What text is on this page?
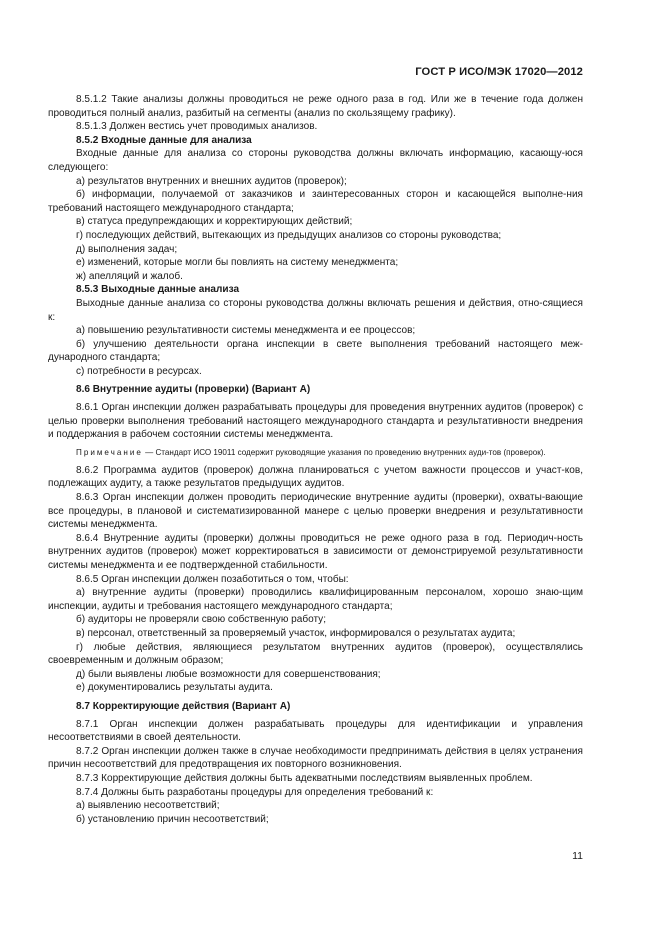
ГОСТ Р ИСО/МЭК 17020—2012

8.5.1.2 Такие анализы должны проводиться не реже одного раза в год. Или же в течение года должен проводиться полный анализ, разбитый на сегменты (анализ по скользящему графику).

8.5.1.3 Должен вестись учет проводимых анализов.

8.5.2 Входные данные для анализа

Входные данные для анализа со стороны руководства должны включать информацию, касающу-юся следующего:

а) результатов внутренних и внешних аудитов (проверок);

б) информации, получаемой от заказчиков и заинтересованных сторон и касающейся выполне-ния требований настоящего международного стандарта;

в) статуса предупреждающих и корректирующих действий;

г) последующих действий, вытекающих из предыдущих анализов со стороны руководства;

д) выполнения задач;

е) изменений, которые могли бы повлиять на систему менеджмента;

ж) апелляций и жалоб.

8.5.3 Выходные данные анализа

Выходные данные анализа со стороны руководства должны включать решения и действия, отно-сящиеся к:

а) повышению результативности системы менеджмента и ее процессов;

б) улучшению деятельности органа инспекции в свете выполнения требований настоящего меж-дународного стандарта;

с) потребности в ресурсах.

8.6 Внутренние аудиты (проверки) (Вариант А)

8.6.1 Орган инспекции должен разрабатывать процедуры для проведения внутренних аудитов (проверок) с целью проверки выполнения требований настоящего международного стандарта и результативности внедрения и поддержания в рабочем состоянии системы менеджмента.

Примечание — Стандарт ИСО 19011 содержит руководящие указания по проведению внутренних ауди-тов (проверок).

8.6.2 Программа аудитов (проверок) должна планироваться с учетом важности процессов и участ-ков, подлежащих аудиту, а также результатов предыдущих аудитов.

8.6.3 Орган инспекции должен проводить периодические внутренние аудиты (проверки), охваты-вающие все процедуры, в плановой и систематизированной манере с целью проверки внедрения и результативности системы менеджмента.

8.6.4 Внутренние аудиты (проверки) должны проводиться не реже одного раза в год. Периодич-ность внутренних аудитов (проверок) может корректироваться в зависимости от демонстрируемой результативности системы менеджмента и ее подтвержденной стабильности.

8.6.5 Орган инспекции должен позаботиться о том, чтобы:

а) внутренние аудиты (проверки) проводились квалифицированным персоналом, хорошо знаю-щим инспекции, аудиты и требования настоящего международного стандарта;

б) аудиторы не проверяли свою собственную работу;

в) персонал, ответственный за проверяемый участок, информировался о результатах аудита;

г) любые действия, являющиеся результатом внутренних аудитов (проверок), осуществлялись своевременным и должным образом;

д) были выявлены любые возможности для совершенствования;

е) документировались результаты аудита.

8.7 Корректирующие действия (Вариант А)

8.7.1 Орган инспекции должен разрабатывать процедуры для идентификации и управления несоответствиями в своей деятельности.

8.7.2 Орган инспекции должен также в случае необходимости предпринимать действия в целях устранения причин несоответствий для предотвращения их повторного возникновения.

8.7.3 Корректирующие действия должны быть адекватными последствиям выявленных проблем.

8.7.4 Должны быть разработаны процедуры для определения требований к:

а) выявлению несоответствий;

б) установлению причин несоответствий;

11
